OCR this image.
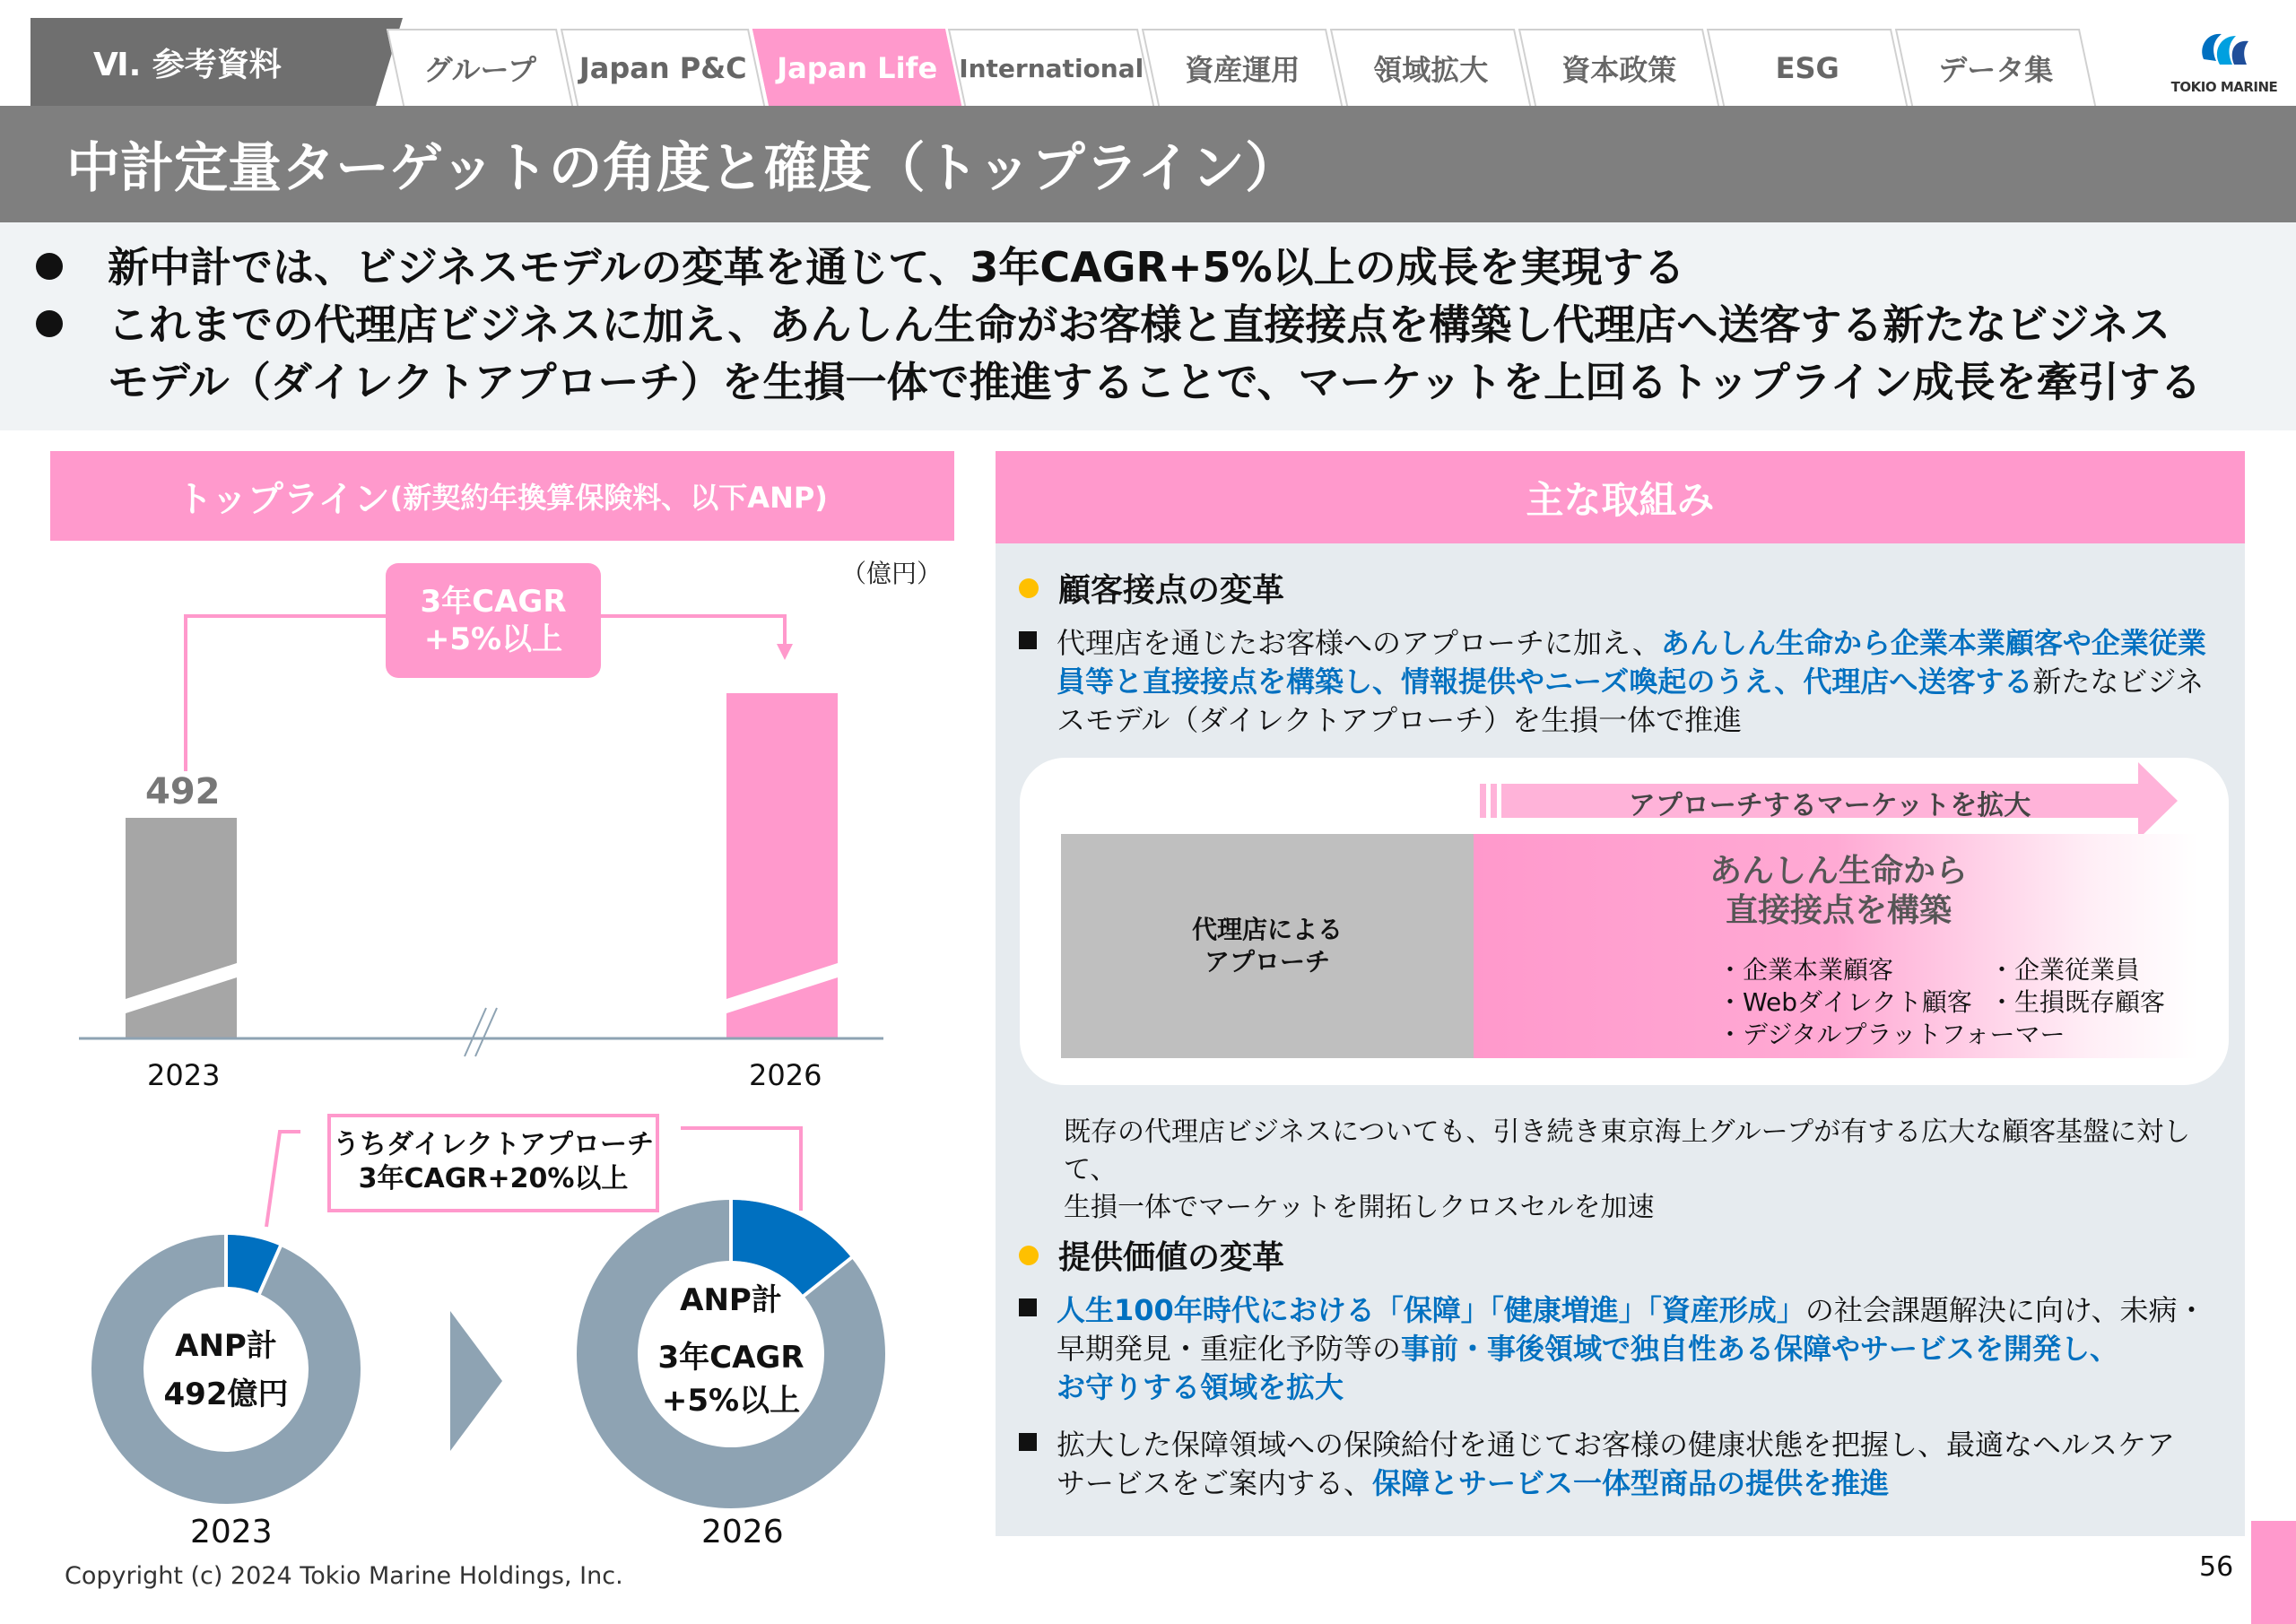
Ⅵ. 参考資料	グループ	Japan P&C	Japan Life International	資産運用	領域拡大	資本政策	ESG	データ集	TOKIO MARINE
中計定量ターゲットの角度と確度（トップライン）
新中計では、ビジネスモデルの変革を通じて、3年CAGR+5%以上の成長を実現する
これまでの代理店ビジネスに加え、あんしん生命がお客様と直接接点を構築し代理店へ送客する新たなビジネス
モデル（ダイレクトアプローチ）を生損一体で推進することで、マーケットを上回るトップライン成長を牽引する
トップライン (新契約年換算保険料、以下ANP)
（億円）
3年CAGR
+5%以上
492
2023	2026
うちダイレクトアプローチ
3年CAGR+20%以上
ANP計
492億円
ANP計
3年CAGR
+5%以上
2023	2026
主な取組み
顧客接点の変革
代理店を通じたお客様へのアプローチに加え、あんしん生命から企業本業顧客や企業従業
員等と直接接点を構築し、情報提供やニーズ喚起のうえ、代理店へ送客する新たなビジネ
スモデル（ダイレクトアプローチ）を生損一体で推進
アプローチするマーケットを拡大
代理店による
アプローチ
あんしん生命から
直接接点を構築
・企業本業顧客	・企業従業員
・Webダイレクト顧客 ・生損既存顧客
・デジタルプラットフォーマー
既存の代理店ビジネスについても、引き続き東京海上グループが有する広大な顧客基盤に対して、
生損一体でマーケットを開拓しクロスセルを加速
提供価値の変革
人生100年時代における「保障」「健康増進」「資産形成」の社会課題解決に向け、未病・
早期発見・重症化予防等の事前・事後領域で独自性ある保障やサービスを開発し、
お守りする領域を拡大
拡大した保障領域への保険給付を通じてお客様の健康状態を把握し、最適なヘルスケア
サービスをご案内する、保障とサービス一体型商品の提供を推進
Copyright (c) 2024 Tokio Marine Holdings, Inc.	56
